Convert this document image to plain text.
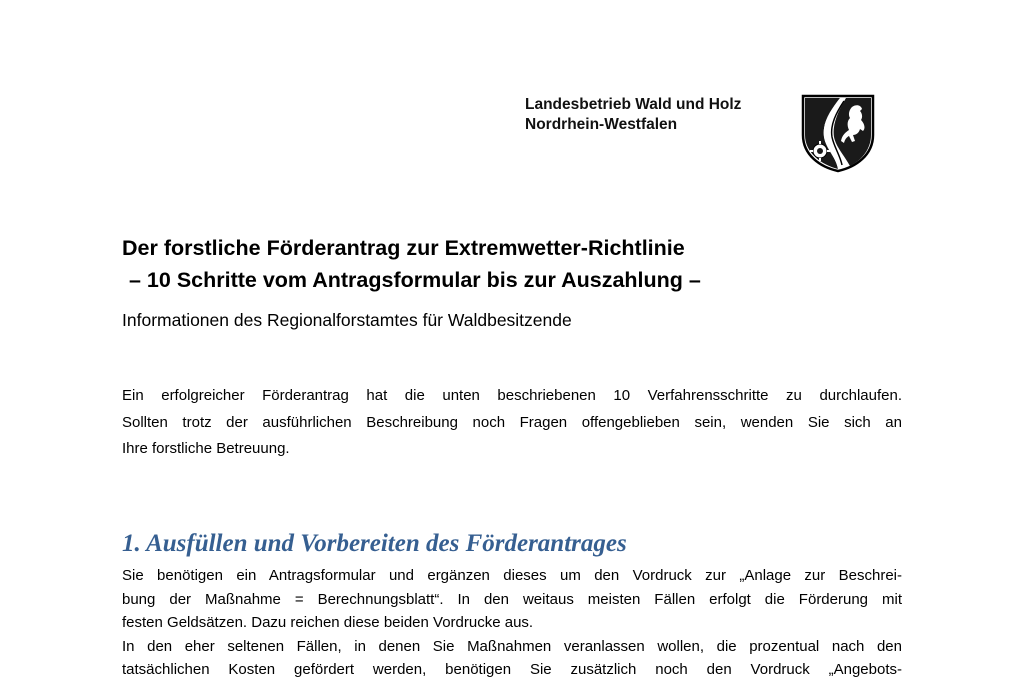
Landesbetrieb Wald und Holz
Nordrhein-Westfalen
Der forstliche Förderantrag zur Extremwetter-Richtlinie
– 10 Schritte vom Antragsformular bis zur Auszahlung –
Informationen des Regionalforstamtes für Waldbesitzende
Ein erfolgreicher Förderantrag hat die unten beschriebenen 10 Verfahrensschritte zu durchlaufen.
Sollten trotz der ausführlichen Beschreibung noch Fragen offengeblieben sein, wenden Sie sich an
Ihre forstliche Betreuung.
1. Ausfüllen und Vorbereiten des Förderantrages
Sie benötigen ein Antragsformular und ergänzen dieses um den Vordruck zur „Anlage zur Beschrei-
bung der Maßnahme = Berechnungsblatt“. In den weitaus meisten Fällen erfolgt die Förderung mit
festen Geldsätzen. Dazu reichen diese beiden Vordrucke aus.
In den eher seltenen Fällen, in denen Sie Maßnahmen veranlassen wollen, die prozentual nach den
tatsächlichen Kosten gefördert werden, benötigen Sie zusätzlich noch den Vordruck „Angebots-
